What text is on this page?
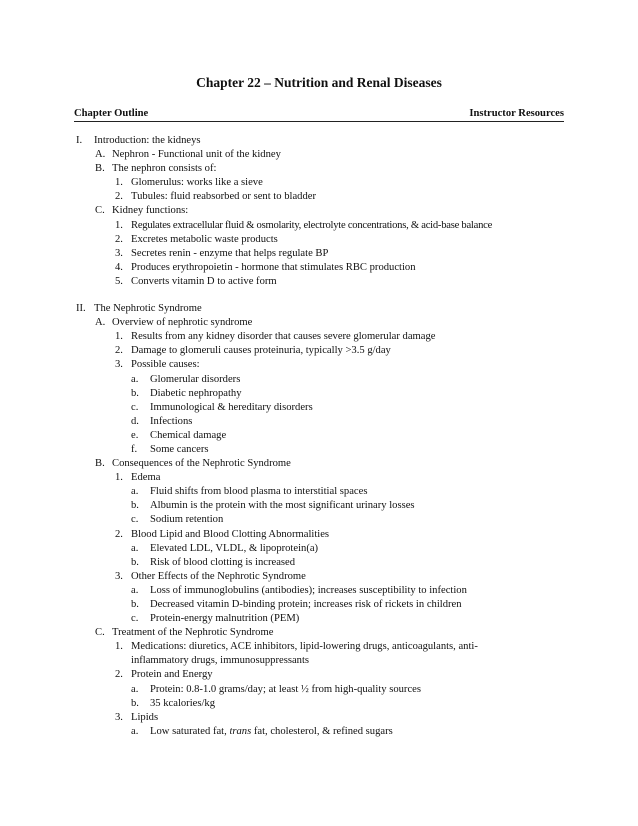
Chapter 22 – Nutrition and Renal Diseases
Chapter Outline	Instructor Resources
I. Introduction: the kidneys
A. Nephron - Functional unit of the kidney
B. The nephron consists of:
1. Glomerulus: works like a sieve
2. Tubules: fluid reabsorbed or sent to bladder
C. Kidney functions:
1. Regulates extracellular fluid & osmolarity, electrolyte concentrations, & acid-base balance
2. Excretes metabolic waste products
3. Secretes renin - enzyme that helps regulate BP
4. Produces erythropoietin - hormone that stimulates RBC production
5. Converts vitamin D to active form
II. The Nephrotic Syndrome
A. Overview of nephrotic syndrome
1. Results from any kidney disorder that causes severe glomerular damage
2. Damage to glomeruli causes proteinuria, typically >3.5 g/day
3. Possible causes:
a. Glomerular disorders
b. Diabetic nephropathy
c. Immunological & hereditary disorders
d. Infections
e. Chemical damage
f. Some cancers
B. Consequences of the Nephrotic Syndrome
1. Edema
a. Fluid shifts from blood plasma to interstitial spaces
b. Albumin is the protein with the most significant urinary losses
c. Sodium retention
2. Blood Lipid and Blood Clotting Abnormalities
a. Elevated LDL, VLDL, & lipoprotein(a)
b. Risk of blood clotting is increased
3. Other Effects of the Nephrotic Syndrome
a. Loss of immunoglobulins (antibodies); increases susceptibility to infection
b. Decreased vitamin D-binding protein; increases risk of rickets in children
c. Protein-energy malnutrition (PEM)
C. Treatment of the Nephrotic Syndrome
1. Medications: diuretics, ACE inhibitors, lipid-lowering drugs, anticoagulants, anti-inflammatory drugs, immunosuppressants
2. Protein and Energy
a. Protein: 0.8-1.0 grams/day; at least ½ from high-quality sources
b. 35 kcalories/kg
3. Lipids
a. Low saturated fat, trans fat, cholesterol, & refined sugars
